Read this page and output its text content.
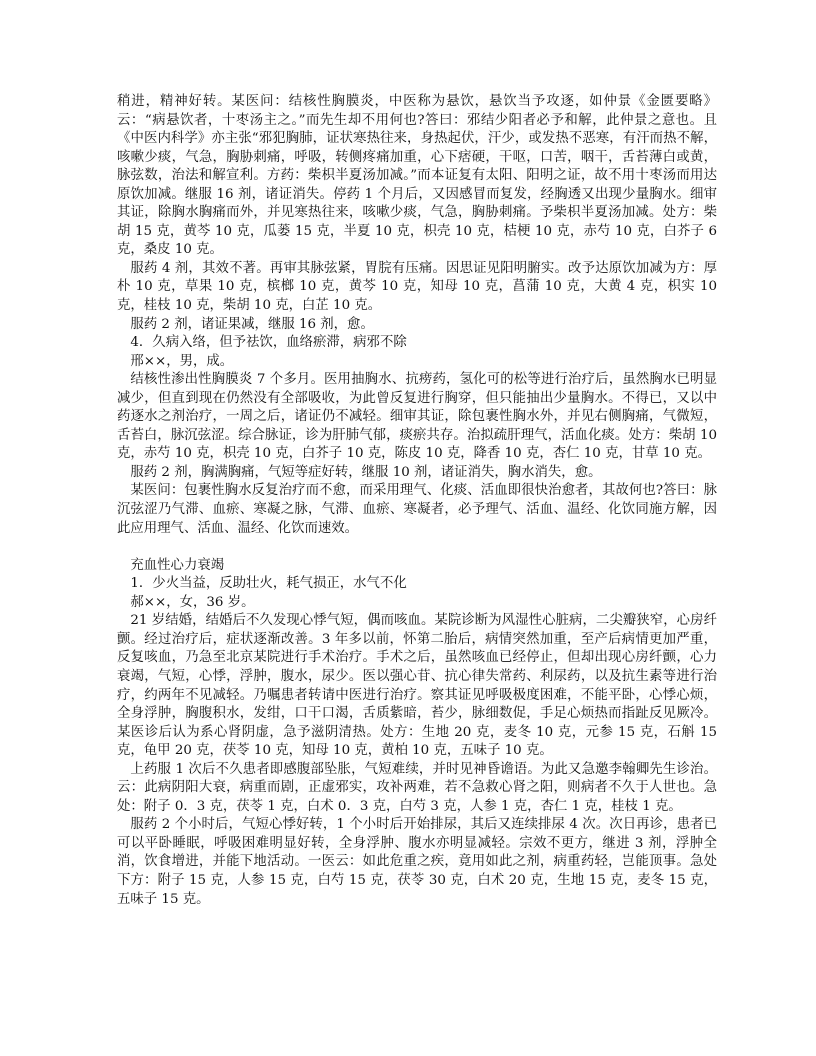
稍进，精神好转。某医问：结核性胸膜炎，中医称为悬饮，悬饮当予攻逐，如仲景《金匮要略》云：“病悬饮者，十枣汤主之。”而先生却不用何也?答曰：邪结少阳者必予和解，此仲景之意也。且《中医内科学》亦主张“邪犯胸肺，证状寒热往来，身热起伏，汗少，或发热不恶寒，有汗而热不解，咳嗽少痰，气急，胸胁刺痛，呼吸，转侧疼痛加重，心下痞硬，干呕，口苦，咽干，舌苔薄白或黄，脉弦数，治法和解宣利。方药：柴枳半夏汤加减。”而本证复有太阳、阳明之证，故不用十枣汤而用达原饮加减。继服 16 剂，诸证消失。停药 1 个月后，又因感冒而复发，经胸透又出现少量胸水。细审其证，除胸水胸痛而外，并见寒热往来，咳嗽少痰，气急，胸胁刺痛。予柴枳半夏汤加减。处方：柴胡 15 克，黄芩 10 克，瓜蒌 15 克，半夏 10 克，枳壳 10 克，桔梗 10 克，赤芍 10 克，白芥子 6 克，桑皮 10 克。

服药 4 剂，其效不著。再审其脉弦紧，胃脘有压痛。因思证见阳明腑实。改予达原饮加减为方：厚朴 10 克，草果 10 克，槟榔 10 克，黄芩 10 克，知母 10 克，菖蒲 10 克，大黄 4 克，枳实 10 克，桂枝 10 克，柴胡 10 克，白芷 10 克。

服药 2 剂，诸证果减，继服 16 剂，愈。

4．久病入络，但予祛饮，血络瘀滞，病邪不除

邢××，男，成。

结核性渗出性胸膜炎 7 个多月。医用抽胸水、抗痨药，氢化可的松等进行治疗后，虽然胸水已明显减少，但直到现在仍然没有全部吸收，为此曾反复进行胸穿，但只能抽出少量胸水。不得已，又以中药逐水之剂治疗，一周之后，诸证仍不减轻。细审其证，除包裹性胸水外，并见右侧胸痛，气微短，舌苔白，脉沉弦涩。综合脉证，诊为肝肺气郁，痰瘀共存。治拟疏肝理气，活血化痰。处方：柴胡 10 克，赤芍 10 克，枳壳 10 克，白芥子 10 克，陈皮 10 克，降香 10 克，杏仁 10 克，甘草 10 克。

服药 2 剂，胸满胸痛，气短等症好转，继服 10 剂，诸证消失，胸水消失，愈。

某医问：包裹性胸水反复治疗而不愈，而采用理气、化痰、活血即很快治愈者，其故何也?答曰：脉沉弦涩乃气滞、血瘀、寒凝之脉，气滞、血瘀、寒凝者，必予理气、活血、温经、化饮同施方解，因此应用理气、活血、温经、化饮而速效。

充血性心力衰竭

1．少火当益，反助壮火，耗气损正，水气不化

郝××，女，36 岁。

21 岁结婚，结婚后不久发现心悸气短，偶而咳血。某院诊断为风湿性心脏病，二尖瓣狭窄，心房纤颤。经过治疗后，症状逐渐改善。3 年多以前，怀第二胎后，病情突然加重，至产后病情更加严重，反复咳血，乃急至北京某院进行手术治疗。手术之后，虽然咳血已经停止，但却出现心房纤颤，心力衰竭，气短，心悸，浮肿，腹水，尿少。医以强心苷、抗心律失常药、利尿药，以及抗生素等进行治疗，约两年不见减轻。乃嘱患者转请中医进行治疗。察其证见呼吸极度困难，不能平卧，心悸心烦，全身浮肿，胸腹积水，发绀，口干口渴，舌质紫暗，苔少，脉细数促，手足心烦热而指趾反见厥冷。某医诊后认为系心肾阴虚，急予滋阴清热。处方：生地 20 克，麦冬 10 克，元参 15 克，石斛 15 克，龟甲 20 克，茯苓 10 克，知母 10 克，黄柏 10 克，五味子 10 克。

上药服 1 次后不久患者即感腹部坠胀，气短难续，并时见神昏谵语。为此又急邀李翰卿先生诊治。云：此病阴阳大衰，病重而剧，正虚邪实，攻补两难，若不急救心肾之阳，则病者不久于人世也。急处：附子 0．3 克，茯苓 1 克，白术 0．3 克，白芍 3 克，人参 1 克，杏仁 1 克，桂枝 1 克。

服药 2 个小时后，气短心悸好转，1 个小时后开始排尿，其后又连续排尿 4 次。次日再诊，患者已可以平卧睡眠，呼吸困难明显好转，全身浮肿、腹水亦明显减轻。宗效不更方，继进 3 剂，浮肿全消，饮食增进，并能下地活动。一医云：如此危重之疾，竟用如此之剂，病重药轻，岂能顶事。急处下方：附子 15 克，人参 15 克，白芍 15 克，茯苓 30 克，白术 20 克，生地 15 克，麦冬 15 克，五味子 15 克。
